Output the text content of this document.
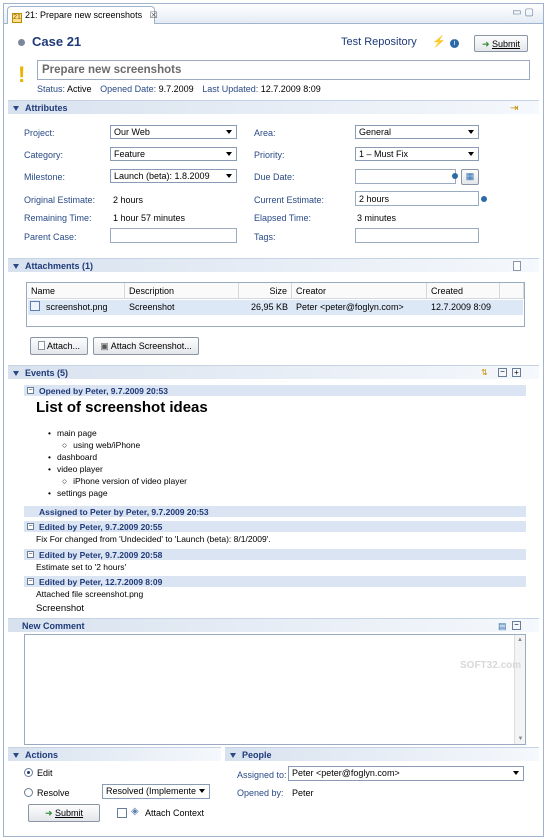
21 21: Prepare new screenshots ☒	▭▢
Case 21	Test Repository ⚡	i	➜ Submit
!	Prepare new screenshots
Status: Active Opened Date: 9.7.2009 Last Updated: 12.7.2009 8:09
Attributes	⇥
Project:	Our Web	Area:	General
Category:	Feature	Priority:	1 – Must Fix
Milestone:	Launch (beta): 1.8.2009	Due Date:	▦
Original Estimate: 2 hours	Current Estimate:	2 hours
Remaining Time: 1 hour 57 minutes	Elapsed Time:	3 minutes
Parent Case:	Tags:
Attachments (1)
Name	Description	Size	Creator	Created
screenshot.png	Screenshot	26,95 KB Peter <peter@foglyn.com>	12.7.2009 8:09
Attach...	▣ Attach Screenshot...
Events (5)	⇅ − +
− Opened by Peter, 9.7.2009 20:53
List of screenshot ideas
• main page
○ using web/iPhone
• dashboard
• video player
○ iPhone version of video player
• settings page
Assigned to Peter by Peter, 9.7.2009 20:53
− Edited by Peter, 9.7.2009 20:55
Fix For changed from 'Undecided' to 'Launch (beta): 8/1/2009'.
− Edited by Peter, 9.7.2009 20:58
Estimate set to '2 hours'
− Edited by Peter, 12.7.2009 8:09
Attached file screenshot.png
Screenshot
New Comment	▤ −
▲
▼
SOFT32.com
Actions
Edit
Resolve	Resolved (Implemente
➜ Submit	◈ Attach Context
People
Assigned to: Peter <peter@foglyn.com>
Opened by: Peter
